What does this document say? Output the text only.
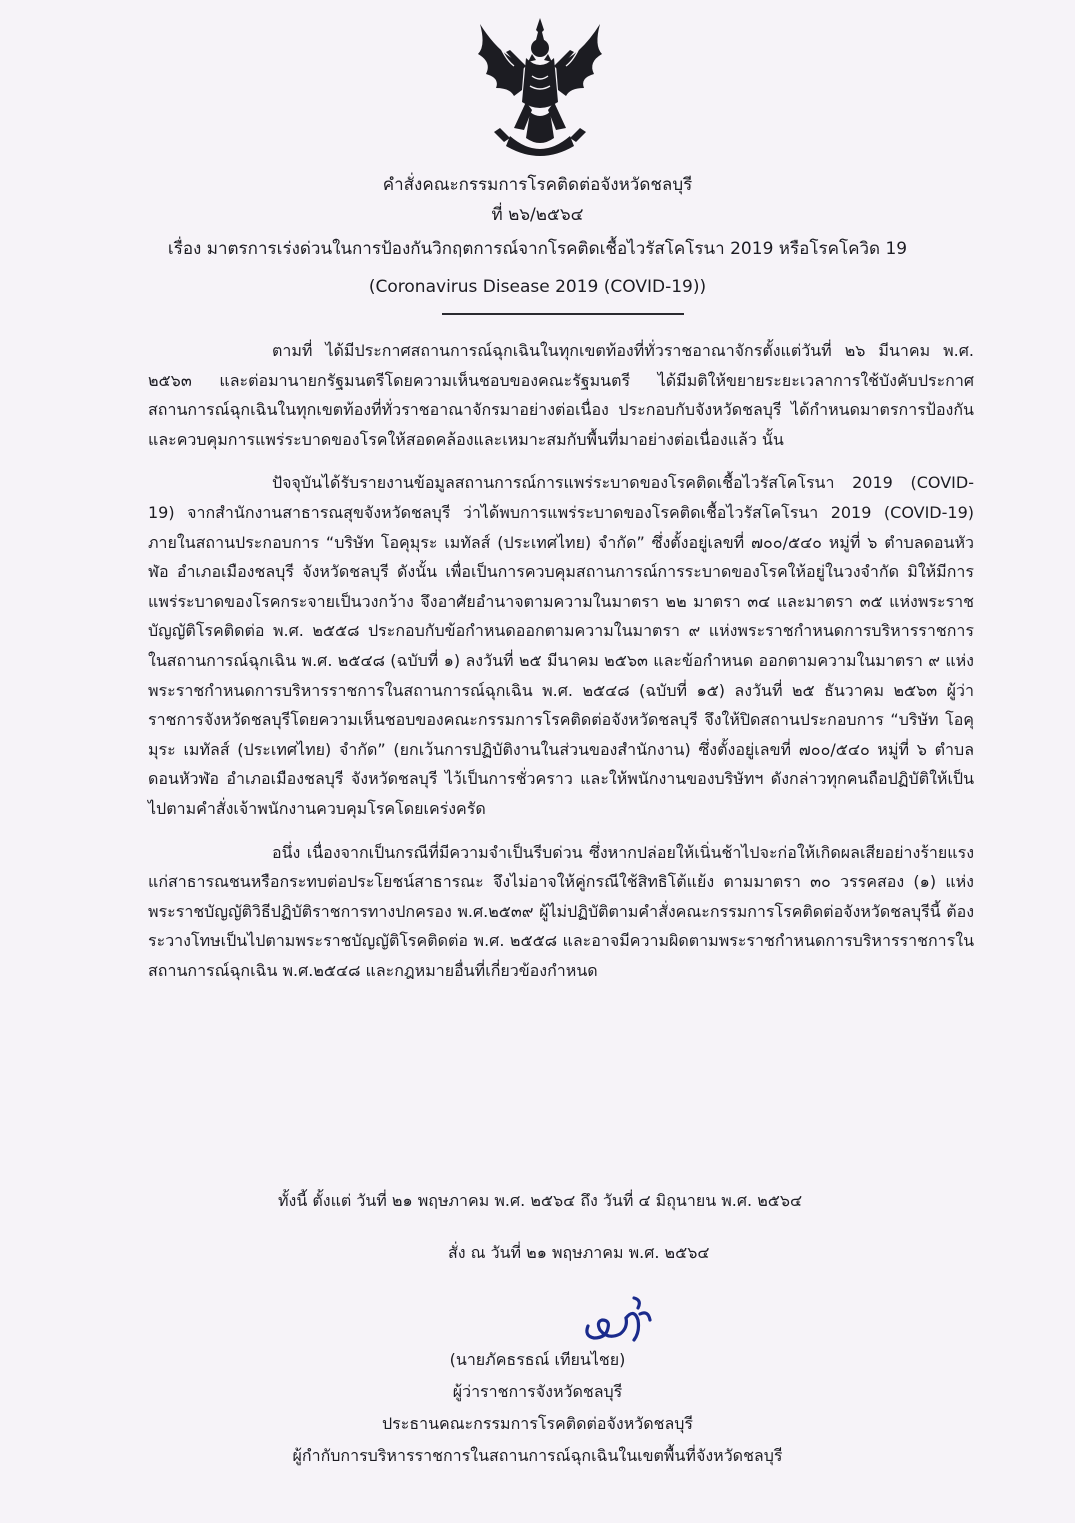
คำสั่งคณะกรรมการโรคติดต่อจังหวัดชลบุรี
ที่ ๒๖/๒๕๖๔
เรื่อง มาตรการเร่งด่วนในการป้องกันวิกฤตการณ์จากโรคติดเชื้อไวรัสโคโรนา 2019 หรือโรคโควิด 19
(Coronavirus Disease 2019 (COVID-19))

ตามที่ ได้มีประกาศสถานการณ์ฉุกเฉินในทุกเขตท้องที่ทั่วราชอาณาจักรตั้งแต่วันที่ ๒๖ มีนาคม พ.ศ. ๒๕๖๓ และต่อมานายกรัฐมนตรีโดยความเห็นชอบของคณะรัฐมนตรี ได้มีมติให้ขยายระยะเวลาการใช้บังคับประกาศสถานการณ์ฉุกเฉินในทุกเขตท้องที่ทั่วราชอาณาจักรมาอย่างต่อเนื่อง ประกอบกับจังหวัดชลบุรี ได้กำหนดมาตรการป้องกันและควบคุมการแพร่ระบาดของโรคให้สอดคล้องและเหมาะสมกับพื้นที่มาอย่างต่อเนื่องแล้ว นั้น

ปัจจุบันได้รับรายงานข้อมูลสถานการณ์การแพร่ระบาดของโรคติดเชื้อไวรัสโคโรนา 2019 (COVID-19) จากสำนักงานสาธารณสุขจังหวัดชลบุรี ว่าได้พบการแพร่ระบาดของโรคติดเชื้อไวรัสโคโรนา 2019 (COVID-19) ภายในสถานประกอบการ “บริษัท โอคุมุระ เมทัลส์ (ประเทศไทย) จำกัด” ซึ่งตั้งอยู่เลขที่ ๗๐๐/๕๔๐ หมู่ที่ ๖ ตำบลดอนหัวฬ่อ อำเภอเมืองชลบุรี จังหวัดชลบุรี ดังนั้น เพื่อเป็นการควบคุมสถานการณ์การระบาดของโรคให้อยู่ในวงจำกัด มิให้มีการแพร่ระบาดของโรคกระจายเป็นวงกว้าง จึงอาศัยอำนาจตามความในมาตรา ๒๒ มาตรา ๓๔ และมาตรา ๓๕ แห่งพระราชบัญญัติโรคติดต่อ พ.ศ. ๒๕๕๘ ประกอบกับข้อกำหนดออกตามความในมาตรา ๙ แห่งพระราชกำหนดการบริหารราชการในสถานการณ์ฉุกเฉิน พ.ศ. ๒๕๔๘ (ฉบับที่ ๑) ลงวันที่ ๒๕ มีนาคม ๒๕๖๓ และข้อกำหนด ออกตามความในมาตรา ๙ แห่งพระราชกำหนดการบริหารราชการในสถานการณ์ฉุกเฉิน พ.ศ. ๒๕๔๘ (ฉบับที่ ๑๕) ลงวันที่ ๒๕ ธันวาคม ๒๕๖๓ ผู้ว่าราชการจังหวัดชลบุรีโดยความเห็นชอบของคณะกรรมการโรคติดต่อจังหวัดชลบุรี จึงให้ปิดสถานประกอบการ “บริษัท โอคุมุระ เมทัลส์ (ประเทศไทย) จำกัด” (ยกเว้นการปฏิบัติงานในส่วนของสำนักงาน) ซึ่งตั้งอยู่เลขที่ ๗๐๐/๕๔๐ หมู่ที่ ๖ ตำบลดอนหัวฬ่อ อำเภอเมืองชลบุรี จังหวัดชลบุรี ไว้เป็นการชั่วคราว และให้พนักงานของบริษัทฯ ดังกล่าวทุกคนถือปฏิบัติให้เป็นไปตามคำสั่งเจ้าพนักงานควบคุมโรคโดยเคร่งครัด

อนึ่ง เนื่องจากเป็นกรณีที่มีความจำเป็นรีบด่วน ซึ่งหากปล่อยให้เนิ่นช้าไปจะก่อให้เกิดผลเสียอย่างร้ายแรงแก่สาธารณชนหรือกระทบต่อประโยชน์สาธารณะ จึงไม่อาจให้คู่กรณีใช้สิทธิโต้แย้ง ตามมาตรา ๓๐ วรรคสอง (๑) แห่งพระราชบัญญัติวิธีปฏิบัติราชการทางปกครอง พ.ศ.๒๕๓๙ ผู้ไม่ปฏิบัติตามคำสั่งคณะกรรมการโรคติดต่อจังหวัดชลบุรีนี้ ต้องระวางโทษเป็นไปตามพระราชบัญญัติโรคติดต่อ พ.ศ. ๒๕๕๘ และอาจมีความผิดตามพระราชกำหนดการบริหารราชการในสถานการณ์ฉุกเฉิน พ.ศ.๒๕๔๘ และกฎหมายอื่นที่เกี่ยวข้องกำหนด

ทั้งนี้ ตั้งแต่ วันที่ ๒๑ พฤษภาคม พ.ศ. ๒๕๖๔ ถึง วันที่ ๔ มิถุนายน พ.ศ. ๒๕๖๔
สั่ง ณ วันที่ ๒๑ พฤษภาคม พ.ศ. ๒๕๖๔
(นายภัคธรธณ์ เทียนไชย)
ผู้ว่าราชการจังหวัดชลบุรี
ประธานคณะกรรมการโรคติดต่อจังหวัดชลบุรี
ผู้กำกับการบริหารราชการในสถานการณ์ฉุกเฉินในเขตพื้นที่จังหวัดชลบุรี
